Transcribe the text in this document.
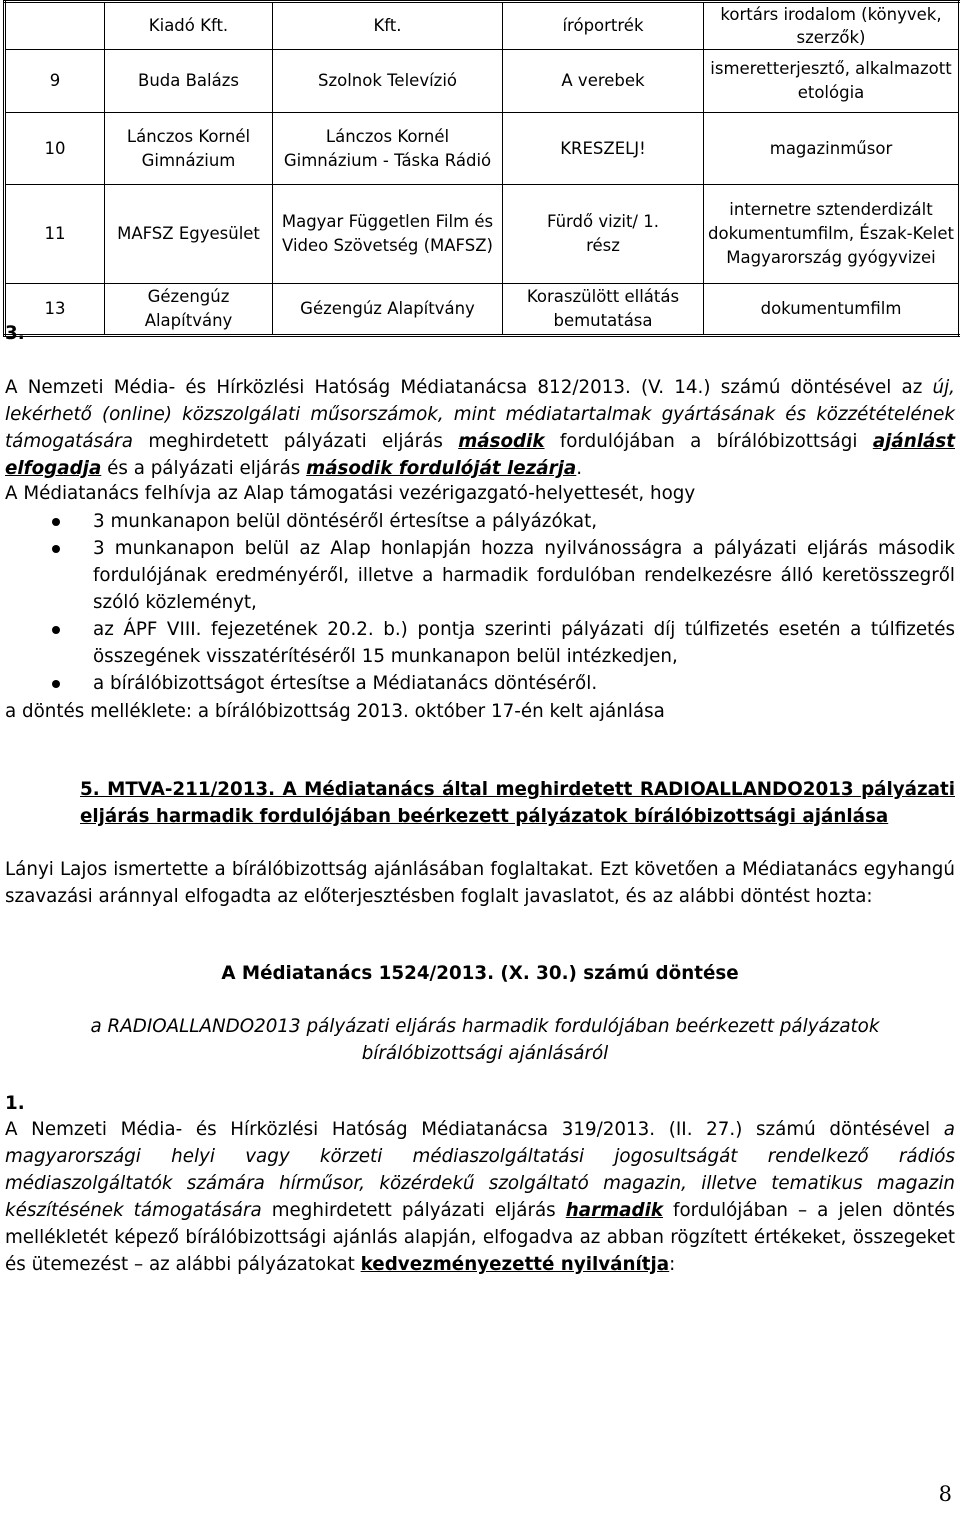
	Kiadó Kft.	Kft.	íróportrék	kortárs irodalom (könyvek, szerzők)
9	Buda Balázs	Szolnok Televízió	A verebek	ismeretterjesztő, alkalmazott etológia
10	Lánczos Kornél Gimnázium	Lánczos Kornél Gimnázium - Táska Rádió	KRESZELJ!	magazinműsor
11	MAFSZ Egyesület	Magyar Független Film és Video Szövetség (MAFSZ)	Fürdő vizit/ 1. rész	internetre sztenderdizált dokumentumfilm, Észak-Kelet Magyarország gyógyvizei
13	Gézengúz Alapítvány	Gézengúz Alapítvány	Koraszülött ellátás bemutatása	dokumentumfilm
3.

A Nemzeti Média- és Hírközlési Hatóság Médiatanácsa 812/2013. (V. 14.) számú döntésével az új, lekérhető (online) közszolgálati műsorszámok, mint médiatartalmak gyártásának és közzétételének támogatására meghirdetett pályázati eljárás második fordulójában a bírálóbizottsági ajánlást elfogadja és a pályázati eljárás második fordulóját lezárja.

A Médiatanács felhívja az Alap támogatási vezérigazgató-helyettesét, hogy
3 munkanapon belül döntéséről értesítse a pályázókat,
3 munkanapon belül az Alap honlapján hozza nyilvánosságra a pályázati eljárás második fordulójának eredményéről, illetve a harmadik fordulóban rendelkezésre álló keretösszegről szóló közleményt,
az ÁPF VIII. fejezetének 20.2. b.) pontja szerinti pályázati díj túlfizetés esetén a túlfizetés összegének visszatérítéséről 15 munkanapon belül intézkedjen,
a bírálóbizottságot értesítse a Médiatanács döntéséről.
a döntés melléklete: a bírálóbizottság 2013. október 17-én kelt ajánlása
5. MTVA-211/2013. A Médiatanács által meghirdetett RADIOALLANDO2013 pályázati eljárás harmadik fordulójában beérkezett pályázatok bírálóbizottsági ajánlása

Lányi Lajos ismertette a bírálóbizottság ajánlásában foglaltakat. Ezt követően a Médiatanács egyhangú szavazási aránnyal elfogadta az előterjesztésben foglalt javaslatot, és az alábbi döntést hozta:

A Médiatanács 1524/2013. (X. 30.) számú döntése
a RADIOALLANDO2013 pályázati eljárás harmadik fordulójában beérkezett pályázatok bírálóbizottsági ajánlásáról
1.

A Nemzeti Média- és Hírközlési Hatóság Médiatanácsa 319/2013. (II. 27.) számú döntésével a magyarországi helyi vagy körzeti médiaszolgáltatási jogosultságát rendelkező rádiós médiaszolgáltatók számára hírműsor, közérdekű szolgáltató magazin, illetve tematikus magazin készítésének támogatására meghirdetett pályázati eljárás harmadik fordulójában – a jelen döntés mellékletét képező bírálóbizottsági ajánlás alapján, elfogadva az abban rögzített értékeket, összegeket és ütemezést – az alábbi pályázatokat kedvezményezetté nyilvánítja:

8
